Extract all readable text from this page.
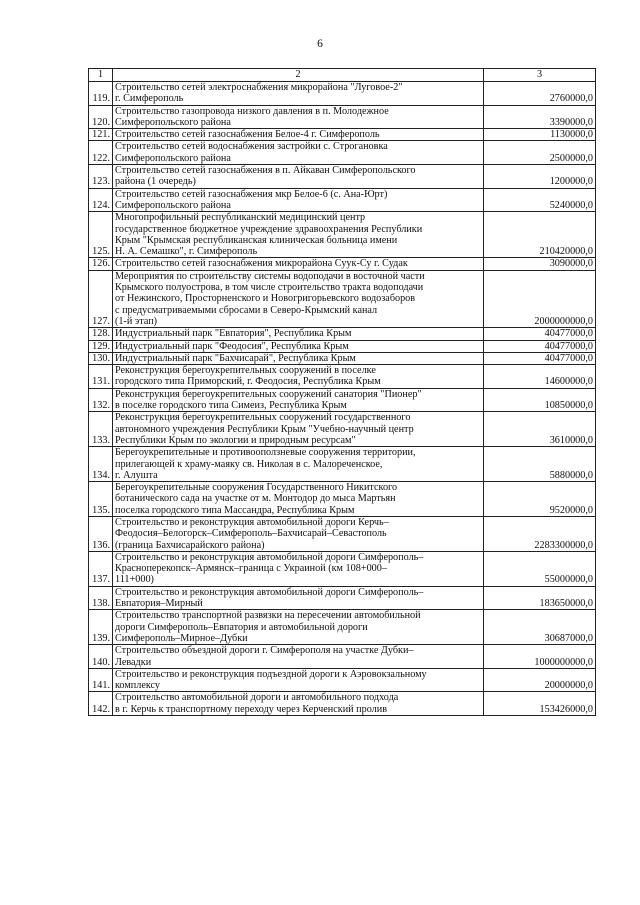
6
1	2	3
119.	Строительство сетей электроснабжения микрорайона "Луговое-2"
г. Симферополь	2760000,0
120.	Строительство газопровода низкого давления в п. Молодежное
Симферопольского района	3390000,0
121.	Строительство сетей газоснабжения Белое-4 г. Симферополь	1130000,0
122.	Строительство сетей водоснабжения застройки с. Строгановка
Симферопольского района	2500000,0
123.	Строительство сетей газоснабжения в п. Айкаван Симферопольского
района (1 очередь)	1200000,0
124.	Строительство сетей газоснабжения мкр Белое-6 (с. Ана-Юрт)
Симферопольского района	5240000,0
125.	Многопрофильный республиканский медицинский центр
государственное бюджетное учреждение здравоохранения Республики
Крым "Крымская республиканская клиническая больница имени
Н. А. Семашко", г. Симферополь	210420000,0
126.	Строительство сетей газоснабжения микрорайона Суук-Су г. Судак	3090000,0
127.	Мероприятия по строительству системы водоподачи в восточной части
Крымского полуострова, в том числе строительство тракта водоподачи
от Нежинского, Просторненского и Новогригорьевского водозаборов
с предусматриваемыми сбросами в Северо-Крымский канал
(1-й этап)	2000000000,0
128.	Индустриальный парк "Евпатория", Республика Крым	40477000,0
129.	Индустриальный парк "Феодосия", Республика Крым	40477000,0
130.	Индустриальный парк "Бахчисарай", Республика Крым	40477000,0
131.	Реконструкция берегоукрепительных сооружений в поселке
городского типа Приморский, г. Феодосия, Республика Крым	14600000,0
132.	Реконструкция берегоукрепительных сооружений санатория "Пионер"
в поселке городского типа Симеиз, Республика Крым	10850000,0
133.	Реконструкция берегоукрепительных сооружений государственного
автономного учреждения Республики Крым "Учебно-научный центр
Республики Крым по экологии и природным ресурсам"	3610000,0
134.	Берегоукрепительные и противооползневые сооружения территории,
прилегающей к храму-маяку св. Николая в с. Малореченское,
г. Алушта	5880000,0
135.	Берегоукрепительные сооружения Государственного Никитского
ботанического сада на участке от м. Монтодор до мыса Мартьян
поселка городского типа Массандра, Республика Крым	9520000,0
136.	Строительство и реконструкция автомобильной дороги Керчь–
Феодосия–Белогорск–Симферополь–Бахчисарай–Севастополь
(граница Бахчисарайского района)	2283300000,0
137.	Строительство и реконструкция автомобильной дороги Симферополь–
Красноперекопск–Армянск–граница с Украиной (км 108+000–
111+000)	55000000,0
138.	Строительство и реконструкция автомобильной дороги Симферополь–
Евпатория–Мирный	183650000,0
139.	Строительство транспортной развязки на пересечении автомобильной
дороги Симферополь–Евпатория и автомобильной дороги
Симферополь–Мирное–Дубки	30687000,0
140.	Строительство объездной дороги г. Симферополя на участке Дубки–
Левадки	1000000000,0
141.	Строительство и реконструкция подъездной дороги к Аэровокзальному
комплексу	20000000,0
142.	Строительство автомобильной дороги и автомобильного подхода
в г. Керчь к транспортному переходу через Керченский пролив	153426000,0
